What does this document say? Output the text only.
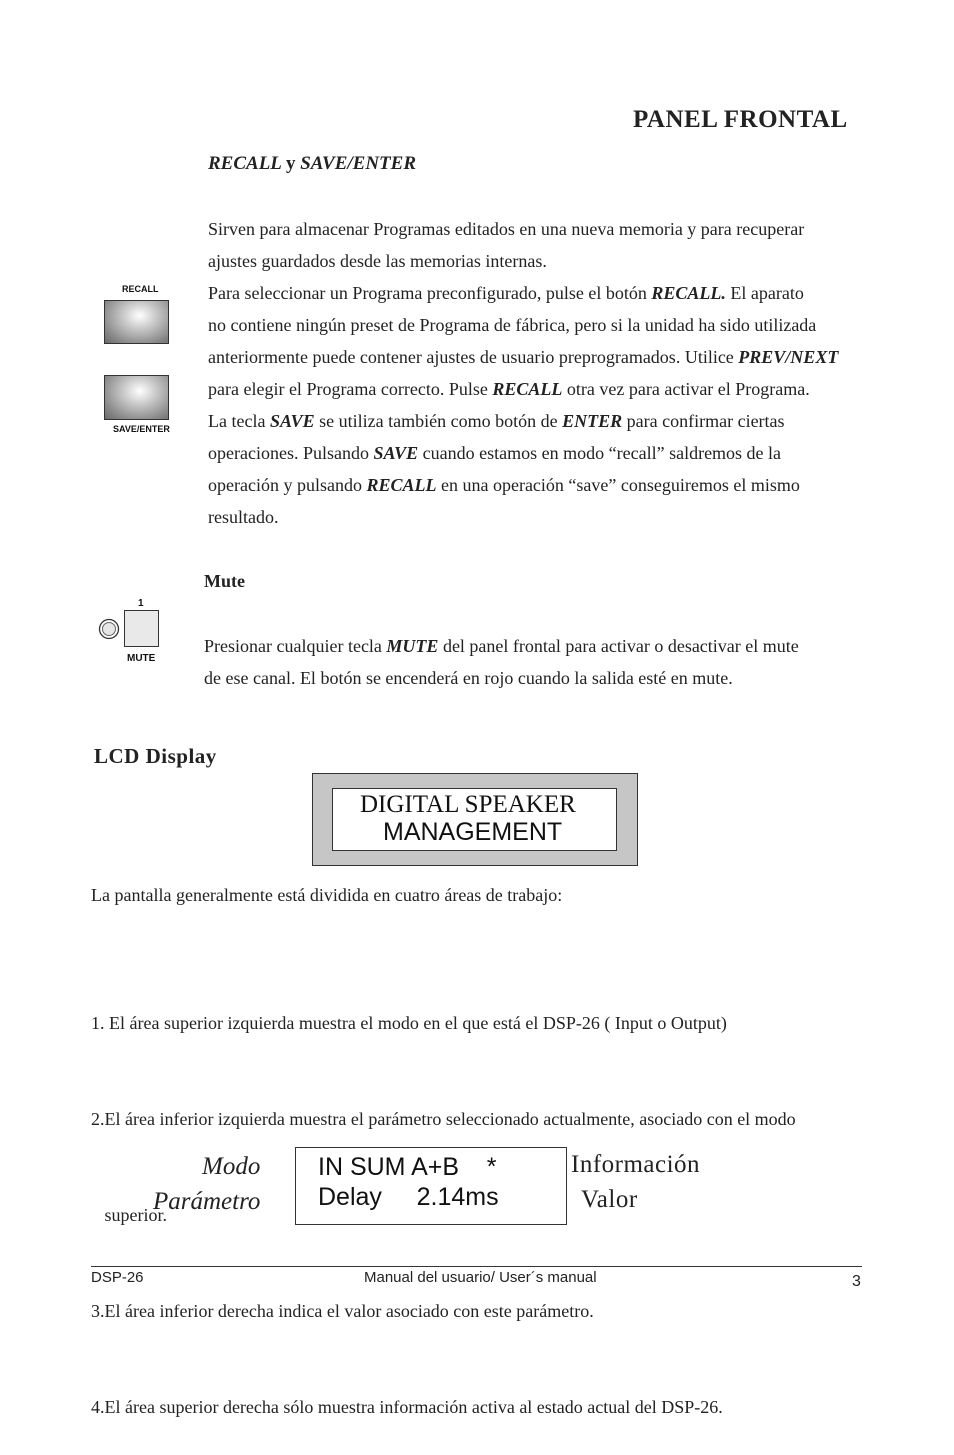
PANEL FRONTAL
RECALL y SAVE/ENTER
RECALL
SAVE/ENTER

Sirven para almacenar Programas editados en una nueva memoria y para recuperar

ajustes guardados desde las memorias internas.

Para seleccionar un Programa preconfigurado, pulse el botón RECALL. El aparato

no contiene ningún preset de Programa de fábrica, pero si la unidad ha sido utilizada

anteriormente puede contener ajustes de usuario preprogramados. Utilice PREV/NEXT

para elegir el Programa correcto. Pulse RECALL otra vez para activar el Programa.

La tecla SAVE se utiliza también como botón de ENTER para confirmar ciertas

operaciones. Pulsando SAVE cuando estamos en modo “recall” saldremos de la

operación y pulsando RECALL en una operación “save” conseguiremos el mismo

resultado.

Mute
1
MUTE

Presionar cualquier tecla MUTE del panel frontal para activar o desactivar el mute

de ese canal. El botón se encenderá en rojo cuando la salida esté en mute.

LCD Display
DIGITAL SPEAKER
MANAGEMENT

La pantalla generalmente está dividida en cuatro áreas de trabajo:

1. El área superior izquierda muestra el modo en el que está el DSP-26 ( Input o Output)

2.El área inferior izquierda muestra el parámetro seleccionado actualmente, asociado con el modo

superior.

3.El área inferior derecha indica el valor asociado con este parámetro.

4.El área superior derecha sólo muestra información activa al estado actual del DSP-26.

Modo
Parámetro
IN SUM A+B    *
Delay     2.14ms
Información
Valor
DSP-26	Manual del usuario/ User´s manual	3
